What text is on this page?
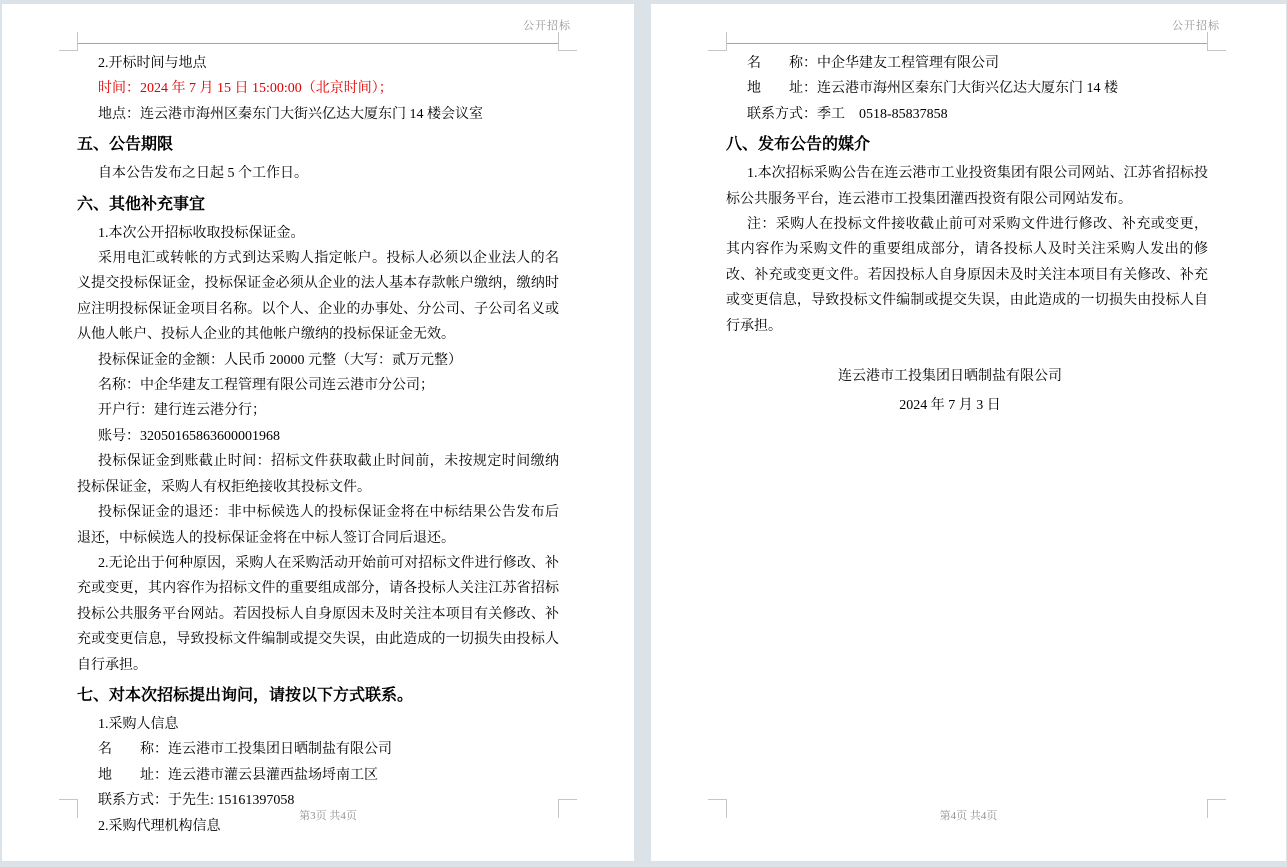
公开招标

2.开标时间与地点

时间：2024 年 7 月 15 日 15:00:00（北京时间）；

地点：连云港市海州区秦东门大街兴亿达大厦东门 14 楼会议室

五、公告期限

自本公告发布之日起 5 个工作日。

六、其他补充事宜

1.本次公开招标收取投标保证金。

采用电汇或转帐的方式到达采购人指定帐户。投标人必须以企业法人的名义提交投标保证金，投标保证金必须从企业的法人基本存款帐户缴纳，缴纳时应注明投标保证金项目名称。以个人、企业的办事处、分公司、子公司名义或从他人帐户、投标人企业的其他帐户缴纳的投标保证金无效。

投标保证金的金额：人民币 20000 元整（大写：贰万元整）

名称：中企华建友工程管理有限公司连云港市分公司；

开户行：建行连云港分行；

账号：32050165863600001968

投标保证金到账截止时间：招标文件获取截止时间前，未按规定时间缴纳投标保证金，采购人有权拒绝接收其投标文件。

投标保证金的退还：非中标候选人的投标保证金将在中标结果公告发布后退还，中标候选人的投标保证金将在中标人签订合同后退还。

2.无论出于何种原因，采购人在采购活动开始前可对招标文件进行修改、补充或变更，其内容作为招标文件的重要组成部分，请各投标人关注江苏省招标投标公共服务平台网站。若因投标人自身原因未及时关注本项目有关修改、补充或变更信息，导致投标文件编制或提交失误，由此造成的一切损失由投标人自行承担。

七、对本次招标提出询问，请按以下方式联系。

1.采购人信息

名　　称：连云港市工投集团日晒制盐有限公司

地　　址：连云港市灌云县灌西盐场埒南工区

联系方式：于先生: 15161397058

2.采购代理机构信息

第3页 共4页
公开招标

名　　称：中企华建友工程管理有限公司

地　　址：连云港市海州区秦东门大街兴亿达大厦东门 14 楼

联系方式：季工　0518-85837858

八、发布公告的媒介

1.本次招标采购公告在连云港市工业投资集团有限公司网站、江苏省招标投标公共服务平台，连云港市工投集团灌西投资有限公司网站发布。

注：采购人在投标文件接收截止前可对采购文件进行修改、补充或变更，其内容作为采购文件的重要组成部分，请各投标人及时关注采购人发出的修改、补充或变更文件。若因投标人自身原因未及时关注本项目有关修改、补充或变更信息，导致投标文件编制或提交失误，由此造成的一切损失由投标人自行承担。

连云港市工投集团日晒制盐有限公司

2024 年 7 月 3 日

第4页 共4页
